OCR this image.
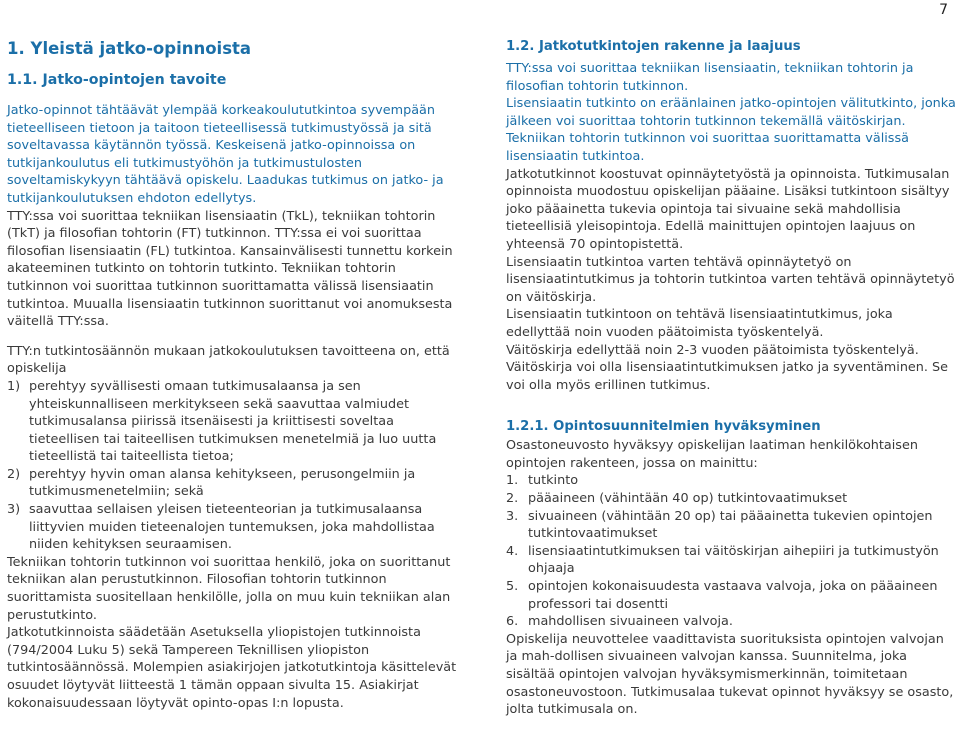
7
1. Yleistä jatko-opinnoista
1.1. Jatko-opintojen tavoite

Jatko-opinnot tähtäävät ylempää korkeakoulututkintoa syvempään tieteelliseen tietoon ja taitoon tieteellisessä tutkimustyössä ja sitä soveltavassa käytännön työssä. Keskeisenä jatko-opinnoissa on tutkijankoulutus eli tutkimustyöhön ja tutkimustulosten soveltamiskykyyn tähtäävä opiskelu. Laadukas tutkimus on jatko- ja tutkijankoulutuksen ehdoton edellytys.

TTY:ssa voi suorittaa tekniikan lisensiaatin (TkL), tekniikan tohtorin (TkT) ja filosofian tohtorin (FT) tutkinnon. TTY:ssa ei voi suorittaa filosofian lisensiaatin (FL) tutkintoa. Kansainvälisesti tunnettu korkein akateeminen tutkinto on tohtorin tutkinto. Tekniikan tohtorin tutkinnon voi suorittaa tutkinnon suorittamatta välissä lisensiaatin tutkintoa. Muualla lisensiaatin tutkinnon suorittanut voi anomuksesta väitellä TTY:ssa.

TTY:n tutkintosäännön mukaan jatkokoulutuksen tavoitteena on, että opiskelija

1) perehtyy syvällisesti omaan tutkimusalaansa ja sen yhteiskunnalliseen merkitykseen sekä saavuttaa valmiudet tutkimusalansa piirissä itsenäisesti ja kriittisesti soveltaa tieteellisen tai taiteellisen tutkimuksen menetelmiä ja luo uutta tieteellistä tai taiteellista tietoa;
2) perehtyy hyvin oman alansa kehitykseen, perusongelmiin ja tutkimusmenetelmiin; sekä
3) saavuttaa sellaisen yleisen tieteenteorian ja tutkimusalaansa liittyvien muiden tieteenalojen tuntemuksen, joka mahdollistaa niiden kehityksen seuraamisen.

Tekniikan tohtorin tutkinnon voi suorittaa henkilö, joka on suorittanut tekniikan alan perustutkinnon. Filosofian tohtorin tutkinnon suorittamista suositellaan henkilölle, jolla on muu kuin tekniikan alan perustutkinto.

Jatkotutkinnoista säädetään Asetuksella yliopistojen tutkinnoista (794/2004 Luku 5) sekä Tampereen Teknillisen yliopiston tutkintosäännössä. Molempien asiakirjojen jatkotutkintoja käsittelevät osuudet löytyvät liitteestä 1 tämän oppaan sivulta 15. Asiakirjat kokonaisuudessaan löytyvät opinto-opas I:n lopusta.

1.2. Jatkotutkintojen rakenne ja laajuus

TTY:ssa voi suorittaa tekniikan lisensiaatin, tekniikan tohtorin ja filosofian tohtorin tutkinnon.

Lisensiaatin tutkinto on eräänlainen jatko-opintojen välitutkinto, jonka jälkeen voi suorittaa tohtorin tutkinnon tekemällä väitöskirjan. Tekniikan tohtorin tutkinnon voi suorittaa suorittamatta välissä lisensiaatin tutkintoa.

Jatkotutkinnot koostuvat opinnäytetyöstä ja opinnoista. Tutkimusalan opinnoista muodostuu opiskelijan pääaine. Lisäksi tutkintoon sisältyy joko pääainetta tukevia opintoja tai sivuaine sekä mahdollisia tieteellisiä yleisopintoja. Edellä mainittujen opintojen laajuus on yhteensä 70 opintopistettä.

Lisensiaatin tutkintoa varten tehtävä opinnäytetyö on lisensiaatintutkimus ja tohtorin tutkintoa varten tehtävä opinnäytetyö on väitöskirja.

Lisensiaatin tutkintoon on tehtävä lisensiaatintutkimus, joka edellyttää noin vuoden päätoimista työskentelyä.

Väitöskirja edellyttää noin 2-3 vuoden päätoimista työskentelyä. Väitöskirja voi olla lisensiaatintutkimuksen jatko ja syventäminen. Se voi olla myös erillinen tutkimus.

1.2.1. Opintosuunnitelmien hyväksyminen

Osastoneuvosto hyväksyy opiskelijan laatiman henkilökohtaisen opintojen rakenteen, jossa on mainittu:

1. tutkinto
2. pääaineen (vähintään 40 op) tutkintovaatimukset
3. sivuaineen (vähintään 20 op) tai pääainetta tukevien opintojen tutkintovaatimukset
4. lisensiaatintutkimuksen tai väitöskirjan aihepiiri ja tutkimustyön ohjaaja
5. opintojen kokonaisuudesta vastaava valvoja, joka on pääaineen professori tai dosentti
6. mahdollisen sivuaineen valvoja.

Opiskelija neuvottelee vaadittavista suorituksista opintojen valvojan ja mah-dollisen sivuaineen valvojan kanssa. Suunnitelma, joka sisältää opintojen valvojan hyväksymismerkinnän, toimitetaan osastoneuvostoon. Tutkimusalaa tukevat opinnot hyväksyy se osasto, jolta tutkimusala on.
